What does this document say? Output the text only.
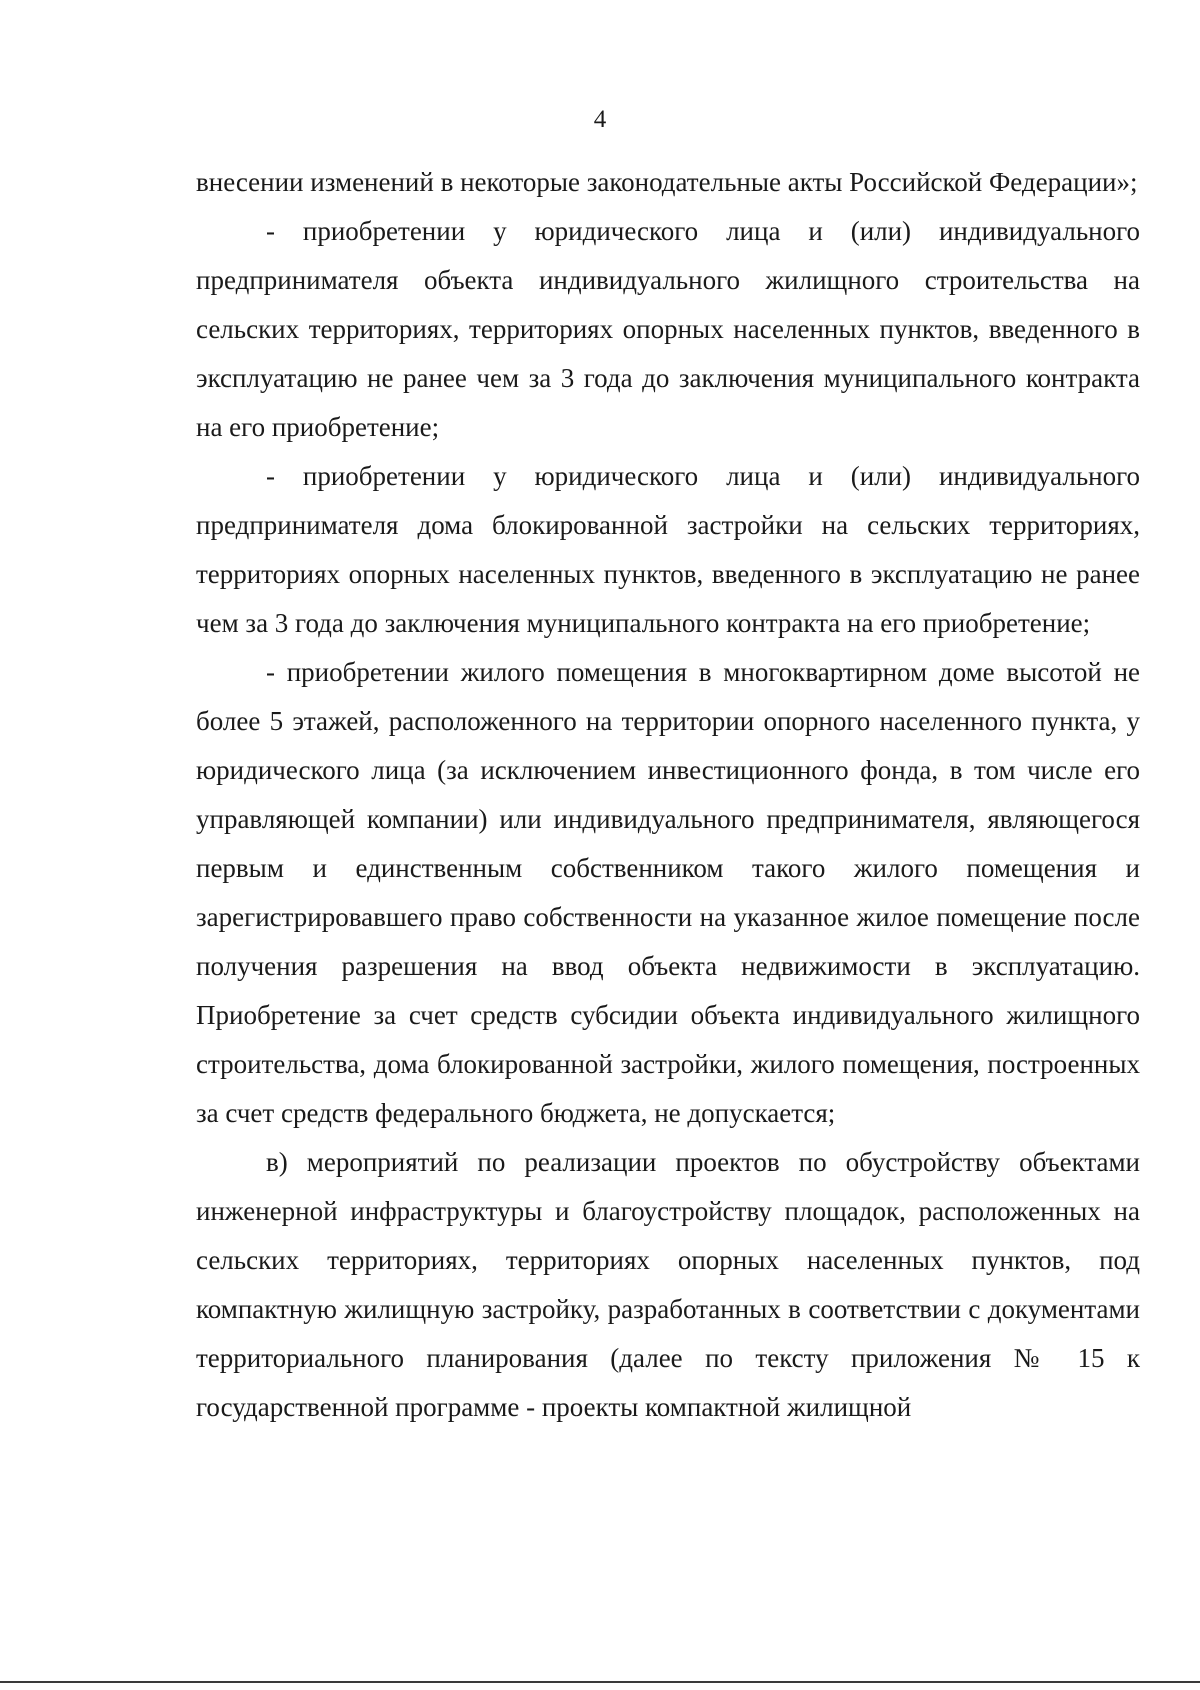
4

внесении изменений в некоторые законодательные акты Российской Федерации»;

- приобретении у юридического лица и (или) индивидуального предпринимателя объекта индивидуального жилищного строительства на сельских территориях, территориях опорных населенных пунктов, введенного в эксплуатацию не ранее чем за 3 года до заключения муниципального контракта на его приобретение;

- приобретении у юридического лица и (или) индивидуального предпринимателя дома блокированной застройки на сельских территориях, территориях опорных населенных пунктов, введенного в эксплуатацию не ранее чем за 3 года до заключения муниципального контракта на его приобретение;

- приобретении жилого помещения в многоквартирном доме высотой не более 5 этажей, расположенного на территории опорного населенного пункта, у юридического лица (за исключением инвестиционного фонда, в том числе его управляющей компании) или индивидуального предпринимателя, являющегося первым и единственным собственником такого жилого помещения и зарегистрировавшего право собственности на указанное жилое помещение после получения разрешения на ввод объекта недвижимости в эксплуатацию. Приобретение за счет средств субсидии объекта индивидуального жилищного строительства, дома блокированной застройки, жилого помещения, построенных за счет средств федерального бюджета, не допускается;

в) мероприятий по реализации проектов по обустройству объектами инженерной инфраструктуры и благоустройству площадок, расположенных на сельских территориях, территориях опорных населенных пунктов, под компактную жилищную застройку, разработанных в соответствии с документами территориального планирования (далее по тексту приложения № 15 к государственной программе - проекты компактной жилищной
